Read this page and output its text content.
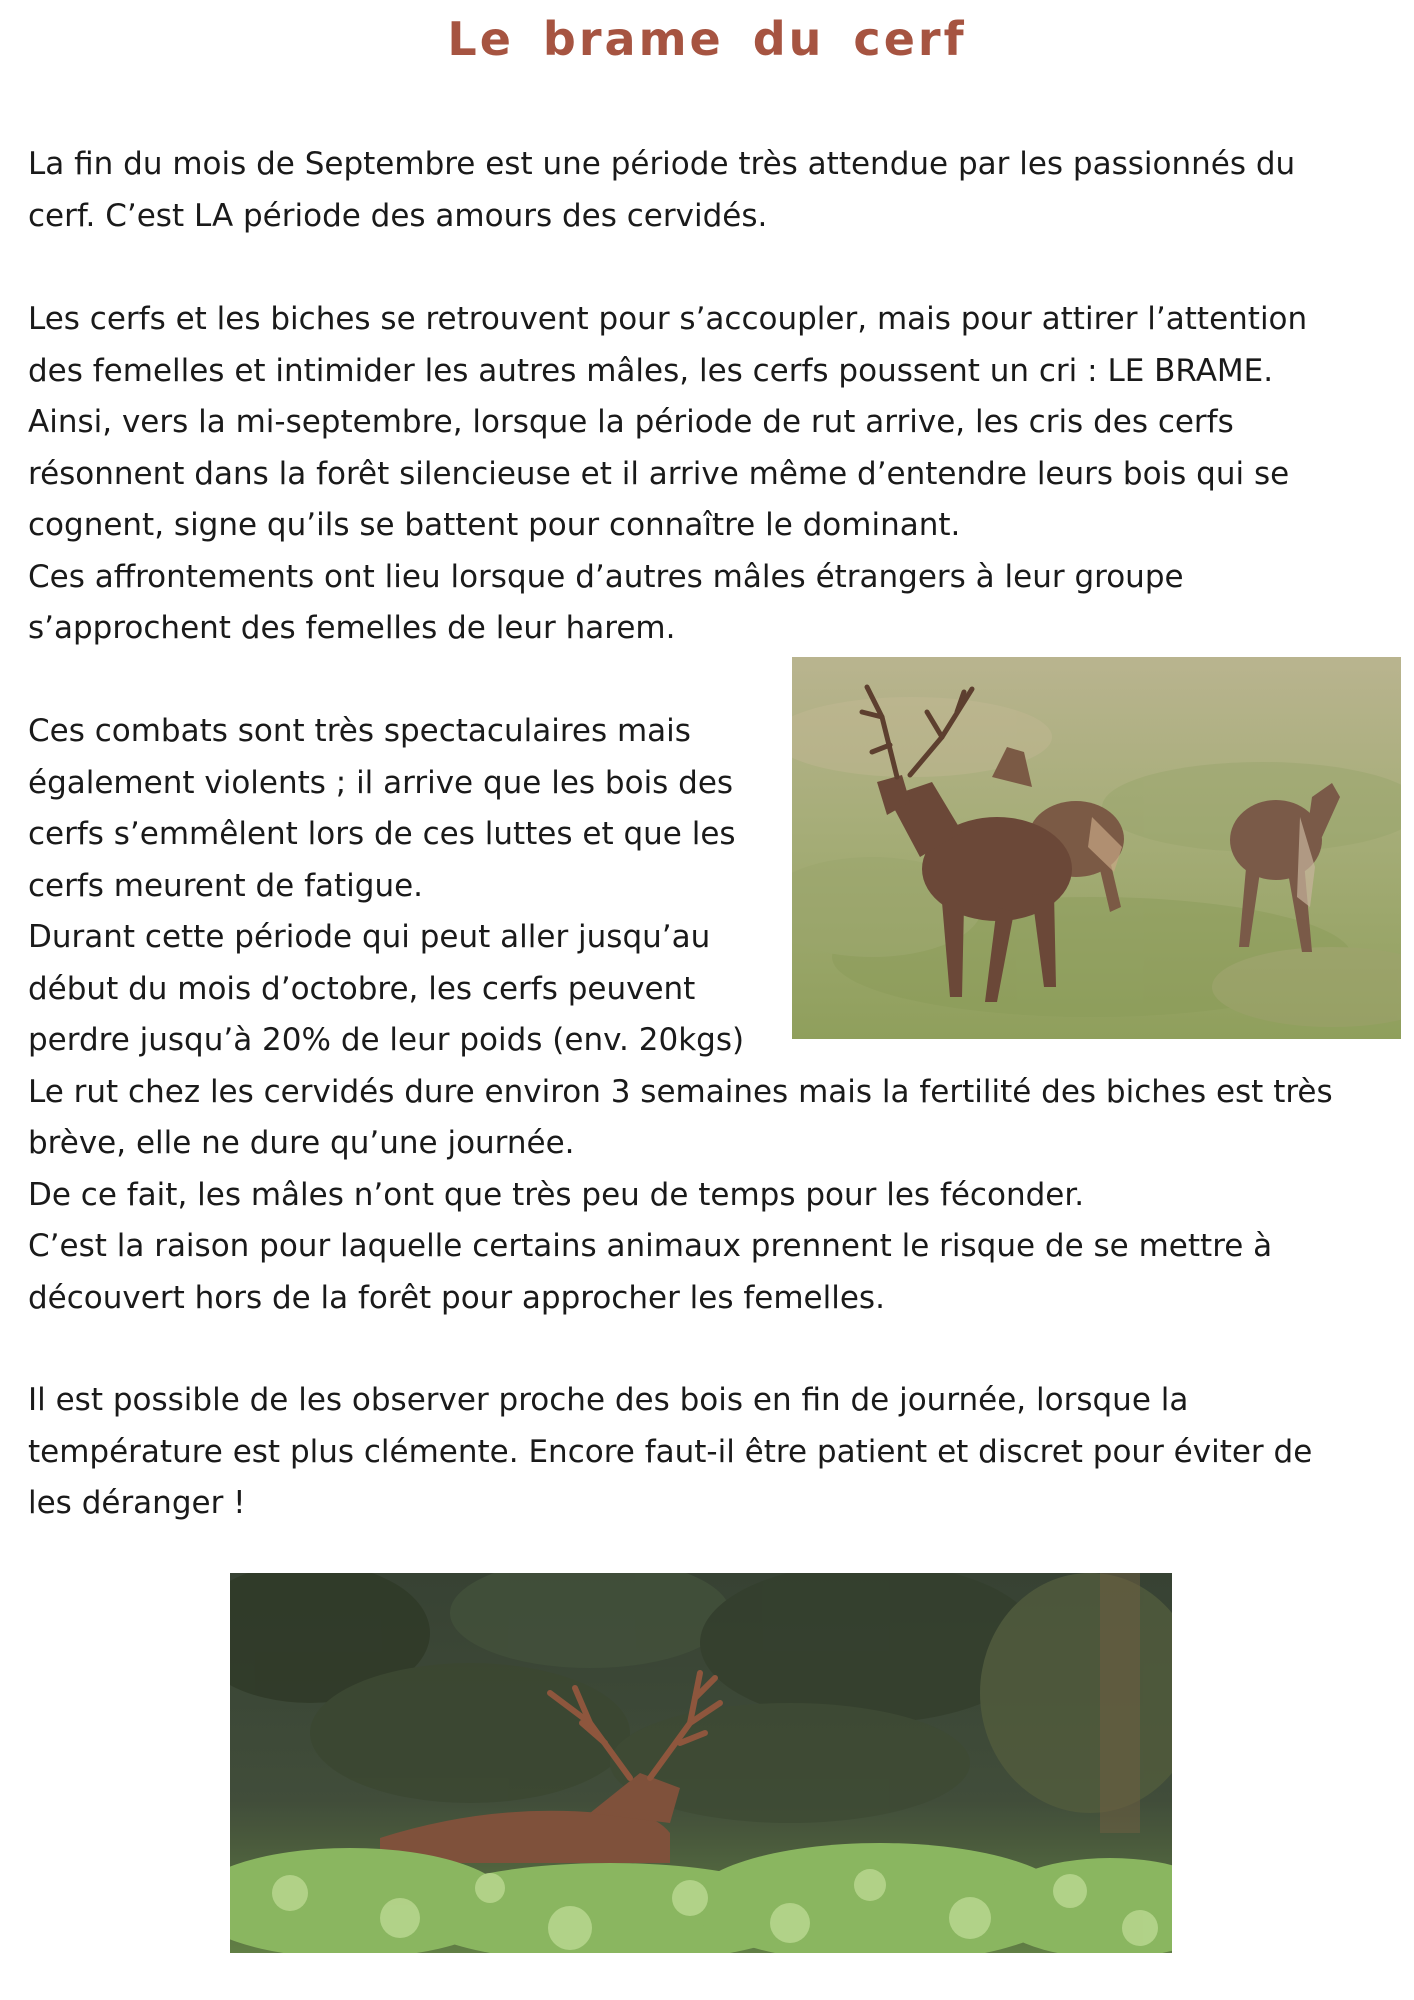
Le brame du cerf
La fin du mois de Septembre est une période très attendue par les passionnés du
cerf. C’est LA période des amours des cervidés.
Les cerfs et les biches se retrouvent pour s’accoupler, mais pour attirer l’attention
des femelles et intimider les autres mâles, les cerfs poussent un cri : LE BRAME.
Ainsi, vers la mi-septembre, lorsque la période de rut arrive, les cris des cerfs
résonnent dans la forêt silencieuse et il arrive même d’entendre leurs bois qui se
cognent, signe qu’ils se battent pour connaître le dominant.
Ces affrontements ont lieu lorsque d’autres mâles étrangers à leur groupe
s’approchent des femelles de leur harem.
Ces combats sont très spectaculaires mais
également violents ; il arrive que les bois des
cerfs s’emmêlent lors de ces luttes et que les
cerfs meurent de fatigue.
Durant cette période qui peut aller jusqu’au
début du mois d’octobre, les cerfs peuvent
perdre jusqu’à 20% de leur poids (env. 20kgs)
Le rut chez les cervidés dure environ 3 semaines mais la fertilité des biches est très
brève, elle ne dure qu’une journée.
De ce fait, les mâles n’ont que très peu de temps pour les féconder.
C’est la raison pour laquelle certains animaux prennent le risque de se mettre à
découvert hors de la forêt pour approcher les femelles.
Il est possible de les observer proche des bois en fin de journée, lorsque la
température est plus clémente. Encore faut-il être patient et discret pour éviter de
les déranger !
